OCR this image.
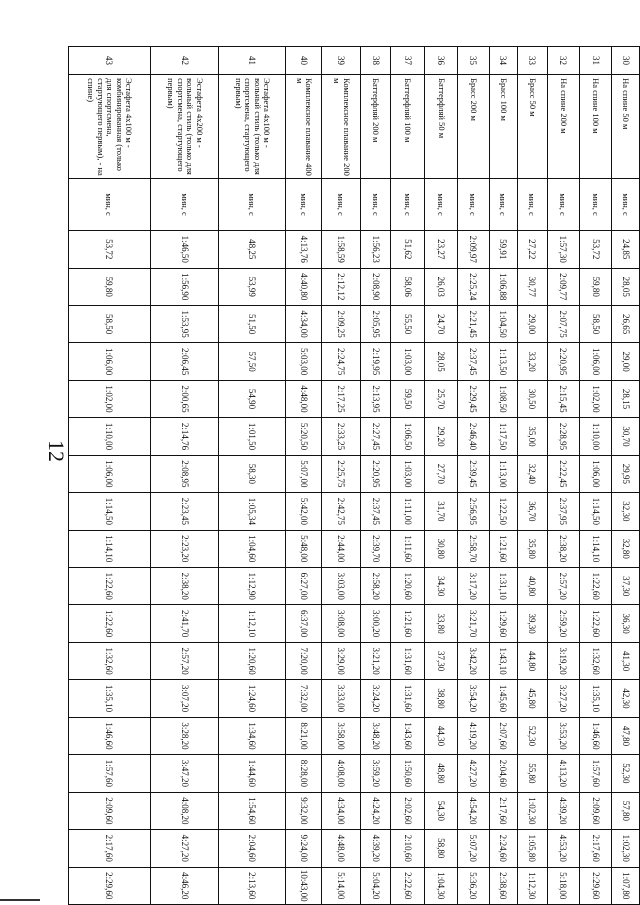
12
30	На спине 50 м	мин, с	24,85	28,05	26,65	29,00	28,15	30,70	29,95	32,30	32,80	37,30	36,30	41,30	42,30	47,80	52,30	57,80	1:02,30	1:07,80
31	На спине 100 м	мин, с	53,72	59,80	58,50	1:06,00	1:02,00	1:10,00	1:06,00	1:14,50	1:14,10	1:22,60	1:22,60	1:32,60	1:35,10	1:46,60	1:57,60	2:09,60	2:17,60	2:29,60
32	На спине 200 м	мин, с	1:57,30	2:09,77	2:07,75	2:20,95	2:15,45	2:28,95	2:22,45	2:37,95	2:38,20	2:57,20	2:59,20	3:19,20	3:27,20	3:53,20	4:13,20	4:39,20	4:53,20	5:18,00
33	Брасс 50 м	мин, с	27,22	30,77	29,00	33,20	30,50	35,00	32,40	36,70	35,80	40,80	39,30	44,80	45,80	52,30	55,80	1:02,30	1:05,80	1:12,30
34	Брасс 100 м	мин, с	59,91	1:06,88	1:04,50	1:13,50	1:08,50	1:17,50	1:13,00	1:22,50	1:21,60	1:31,10	1:29,60	1:43,10	1:45,60	2:07,60	2:04,60	2:17,60	2:24,60	2:38,60
35	Брасс 200 м	мин, с	2:09,97	2:25,24	2:21,45	2:37,45	2:29,45	2:46,40	2:39,45	2:56,95	2:58,70	3:17,20	3:21,70	3:42,20	3:54,20	4:19,20	4:27,20	4:54,20	5:07,20	5:36,20
36	Баттерфляй 50 м	мин, с	23,27	26,03	24,70	28,05	25,70	29,20	27,70	31,70	30,80	34,30	33,80	37,30	38,80	44,30	48,80	54,30	58,80	1:04,30
37	Баттерфляй 100 м	мин, с	51,62	58,06	55,50	1:03,00	59,50	1:06,50	1:03,00	1:11,00	1:11,60	1:20,60	1:21,60	1:31,60	1:31,60	1:43,60	1:50,60	2:02,60	2:10,60	2:22,60
38	Баттерфляй 200 м	мин, с	1:56,23	2:08,90	2:05,95	2:19,95	2:13,95	2:27,45	2:20,95	2:37,45	2:39,70	2:58,20	3:00,20	3:21,20	3:24,20	3:48,20	3:59,20	4:24,20	4:39,20	5:04,20
39	Комплексное плавание 200 м	мин, с	1:58,59	2:12,12	2:09,25	2:24,75	2:17,25	2:33,25	2:25,75	2:42,75	2:44,00	3:03,00	3:08,00	3:29,00	3:33,00	3:58,00	4:08,00	4:34,00	4:48,00	5:14,00
40	Комплексное плавание 400 м	мин, с	4:13,76	4:40,80	4:34,00	5:03,00	4:48,00	5:20,50	5:07,00	5:42,00	5:48,00	6:27,00	6:37,00	7:20,00	7:32,00	8:21,00	8:28,00	9:32,00	9:24,00	10:43,00
41	Эстафета 4х100 м - вольный стиль (только для спортсмена, стартующего первым)	мин, с	48,25	53,99	51,50	57,50	54,90	1:01,50	58,30	1:05,34	1:04,60	1:12,90	1:12,10	1:20,60	1:24,60	1:34,60	1:44,60	1:54,60	2:04,60	2:13,60
42	Эстафета 4х200 м - вольный стиль (только для спортсмена, стартующего первым)	мин, с	1:46,50	1:56,90	1:53,95	2:06,45	2:00,65	2:14,76	2:08,95	2:23,45	2:23,20	2:38,20	2:41,70	2:57,20	3:07,20	3:28,20	3:47,20	4:08,20	4:27,20	4:46,20
43	Эстафета 4х100 м - комбинированная (только для спортсмена, стартующего первым), - на спине)	мин, с	53,72	59,80	58,50	1:06,00	1:02,00	1:10,00	1:06,00	1:14,50	1:14,10	1:22,60	1:22,60	1:32,60	1:35,10	1:46,60	1:57,60	2:09,60	2:17,60	2:29,60
